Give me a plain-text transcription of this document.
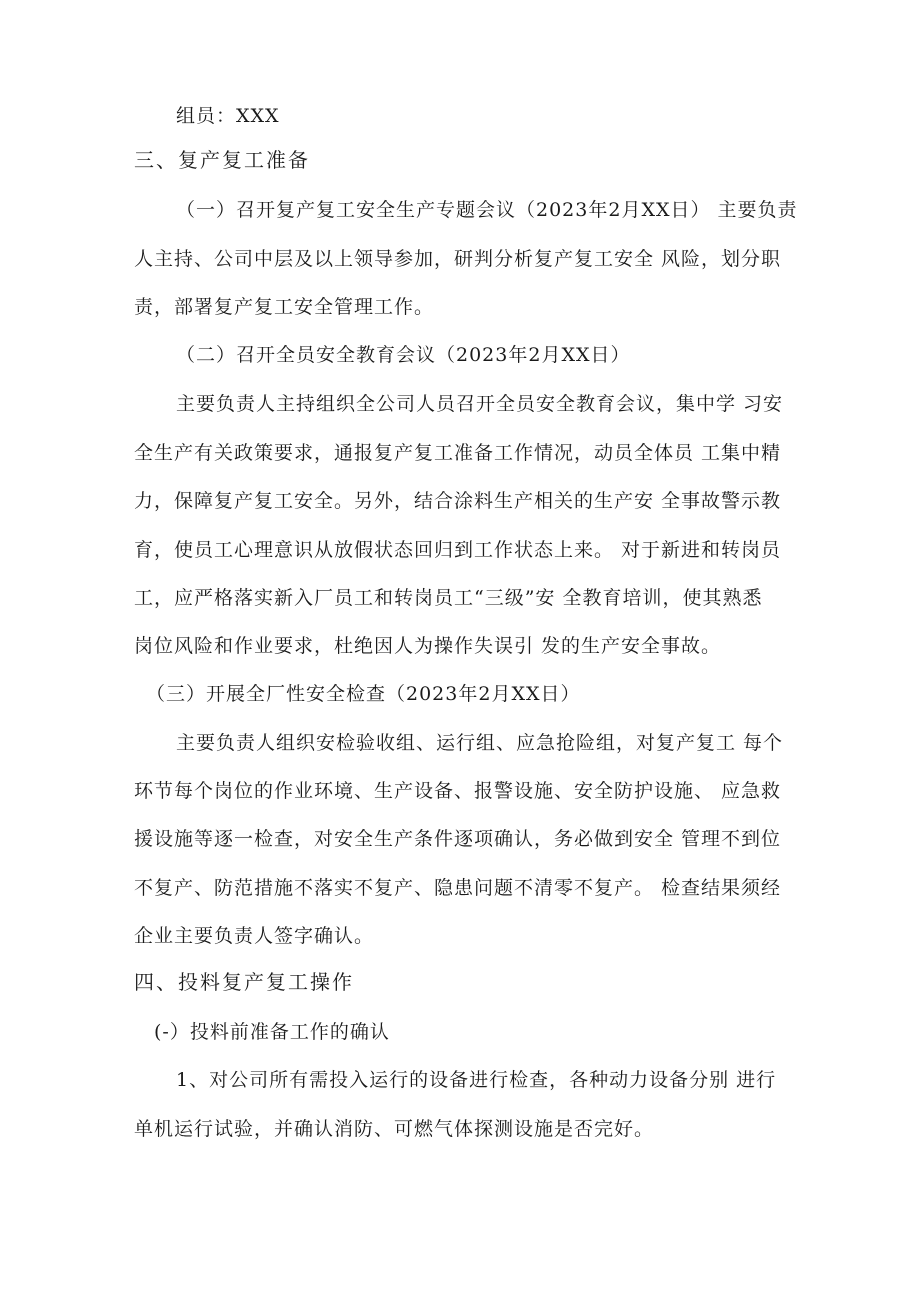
组员：XXX
三、复产复工准备
（一）召开复产复工安全生产专题会议（2023年2月XX日） 主要负责
人主持、公司中层及以上领导参加，研判分析复产复工安全 风险，划分职
责，部署复产复工安全管理工作。
（二）召开全员安全教育会议（2023年2月XX日）
主要负责人主持组织全公司人员召开全员安全教育会议，集中学 习安
全生产有关政策要求，通报复产复工准备工作情况，动员全体员 工集中精
力，保障复产复工安全。另外，结合涂料生产相关的生产安 全事故警示教
育，使员工心理意识从放假状态回归到工作状态上来。 对于新进和转岗员
工，应严格落实新入厂员工和转岗员工“三级”安 全教育培训，使其熟悉
岗位风险和作业要求，杜绝因人为操作失误引 发的生产安全事故。
（三）开展全厂性安全检查（2023年2月XX日）
主要负责人组织安检验收组、运行组、应急抢险组，对复产复工 每个
环节每个岗位的作业环境、生产设备、报警设施、安全防护设施、 应急救
援设施等逐一检查，对安全生产条件逐项确认，务必做到安全 管理不到位
不复产、防范措施不落实不复产、隐患问题不清零不复产。 检查结果须经
企业主要负责人签字确认。
四、投料复产复工操作
(-）投料前准备工作的确认
1、对公司所有需投入运行的设备进行检查，各种动力设备分别 进行
单机运行试验，并确认消防、可燃气体探测设施是否完好。
